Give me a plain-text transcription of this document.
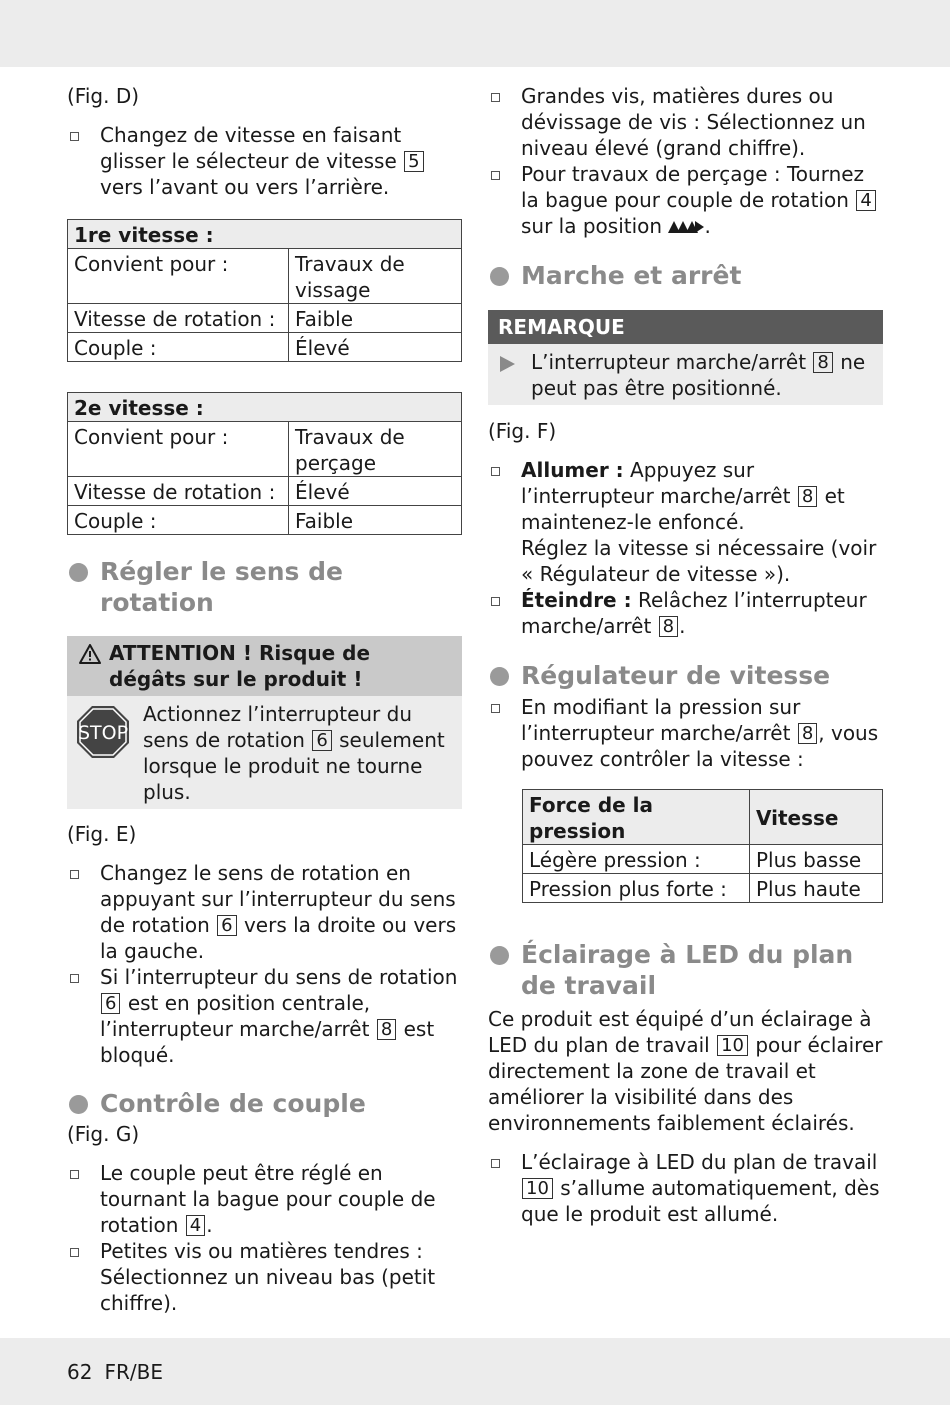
(Fig. D)

Changez de vitesse en faisant glisser le sélecteur de vitesse 5 vers l’avant ou vers l’arrière.
1re vitesse :	
Convient pour :	Travaux de vissage
Vitesse de rotation :	Faible
Couple :	Élevé
2e vitesse :	
Convient pour :	Travaux de perçage
Vitesse de rotation :	Élevé
Couple :	Faible
Régler le sens de rotation
ATTENTION ! Risque de dégâts sur le produit !
STOP
Actionnez l’interrupteur du sens de rotation 6 seulement lorsque le produit ne tourne plus.

(Fig. E)

Changez le sens de rotation en appuyant sur l’interrupteur du sens de rotation 6 vers la droite ou vers la gauche.
Si l’interrupteur du sens de rotation 6 est en position centrale, l’interrupteur marche/arrêt 8 est bloqué.
Contrôle de couple

(Fig. G)

Le couple peut être réglé en tournant la bague pour couple de rotation 4 .
Petites vis ou matières tendres : Sélectionnez un niveau bas (petit chiffre).
Grandes vis, matières dures ou dévissage de vis : Sélectionnez un niveau élevé (grand chiffre).
Pour travaux de perçage : Tournez la bague pour couple de rotation 4 sur la position .
Marche et arrêt
REMARQUE
L’interrupteur marche/arrêt 8 ne peut pas être positionné.

(Fig. F)

Allumer : Appuyez sur l’interrupteur marche/arrêt 8 et maintenez-le enfoncé.
Réglez la vitesse si nécessaire (voir « Régulateur de vitesse »).
Éteindre : Relâchez l’interrupteur marche/arrêt 8 .
Régulateur de vitesse
En modifiant la pression sur l’interrupteur marche/arrêt 8 , vous pouvez contrôler la vitesse :
Force de la pression	Vitesse
Légère pression :	Plus basse
Pression plus forte :	Plus haute
Éclairage à LED du plan de travail

Ce produit est équipé d’un éclairage à LED du plan de travail 10 pour éclairer directement la zone de travail et améliorer la visibilité dans des environnements faiblement éclairés.

L’éclairage à LED du plan de travail 10 s’allume automatiquement, dès que le produit est allumé.
62 FR/BE
